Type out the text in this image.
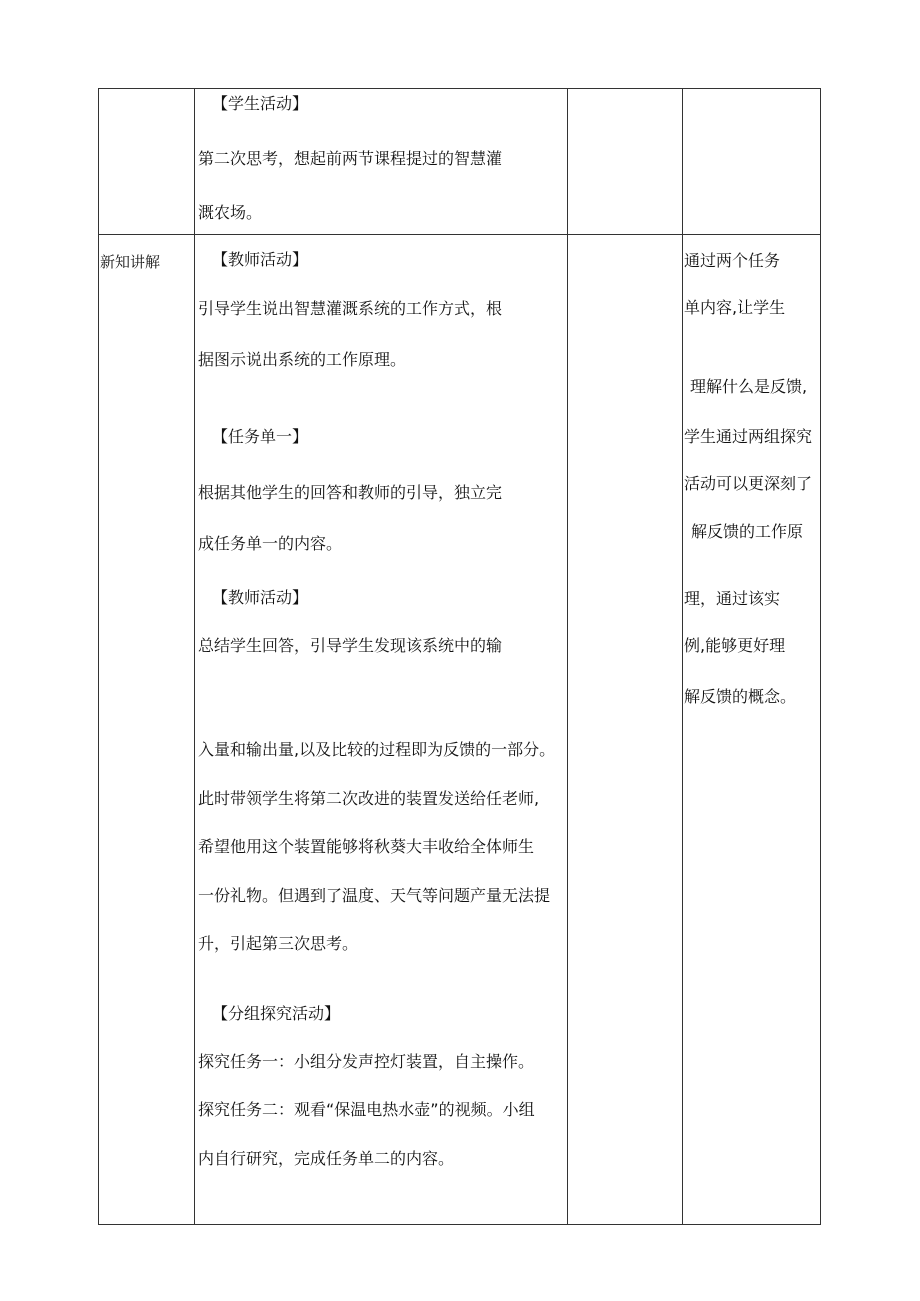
【学生活动】
第二次思考，想起前两节课程提过的智慧灌
溉农场。
新知讲解	【教师活动】
引导学生说出智慧灌溉系统的工作方式，根
据图示说出系统的工作原理。
【任务单一】
根据其他学生的回答和教师的引导，独立完
成任务单一的内容。
【教师活动】
总结学生回答，引导学生发现该系统中的输
入量和输出量,以及比较的过程即为反馈的一部分。
此时带领学生将第二次改进的装置发送给任老师,
希望他用这个装置能够将秋葵大丰收给全体师生
一份礼物。但遇到了温度、天气等问题产量无法提
升，引起第三次思考。
【分组探究活动】
探究任务一：小组分发声控灯装置，自主操作。
探究任务二：观看“保温电热水壶”的视频。小组
内自行研究，完成任务单二的内容。
通过两个任务
单内容,让学生
理解什么是反馈,
学生通过两组探究
活动可以更深刻了
解反馈的工作原
理，通过该实
例,能够更好理
解反馈的概念。
